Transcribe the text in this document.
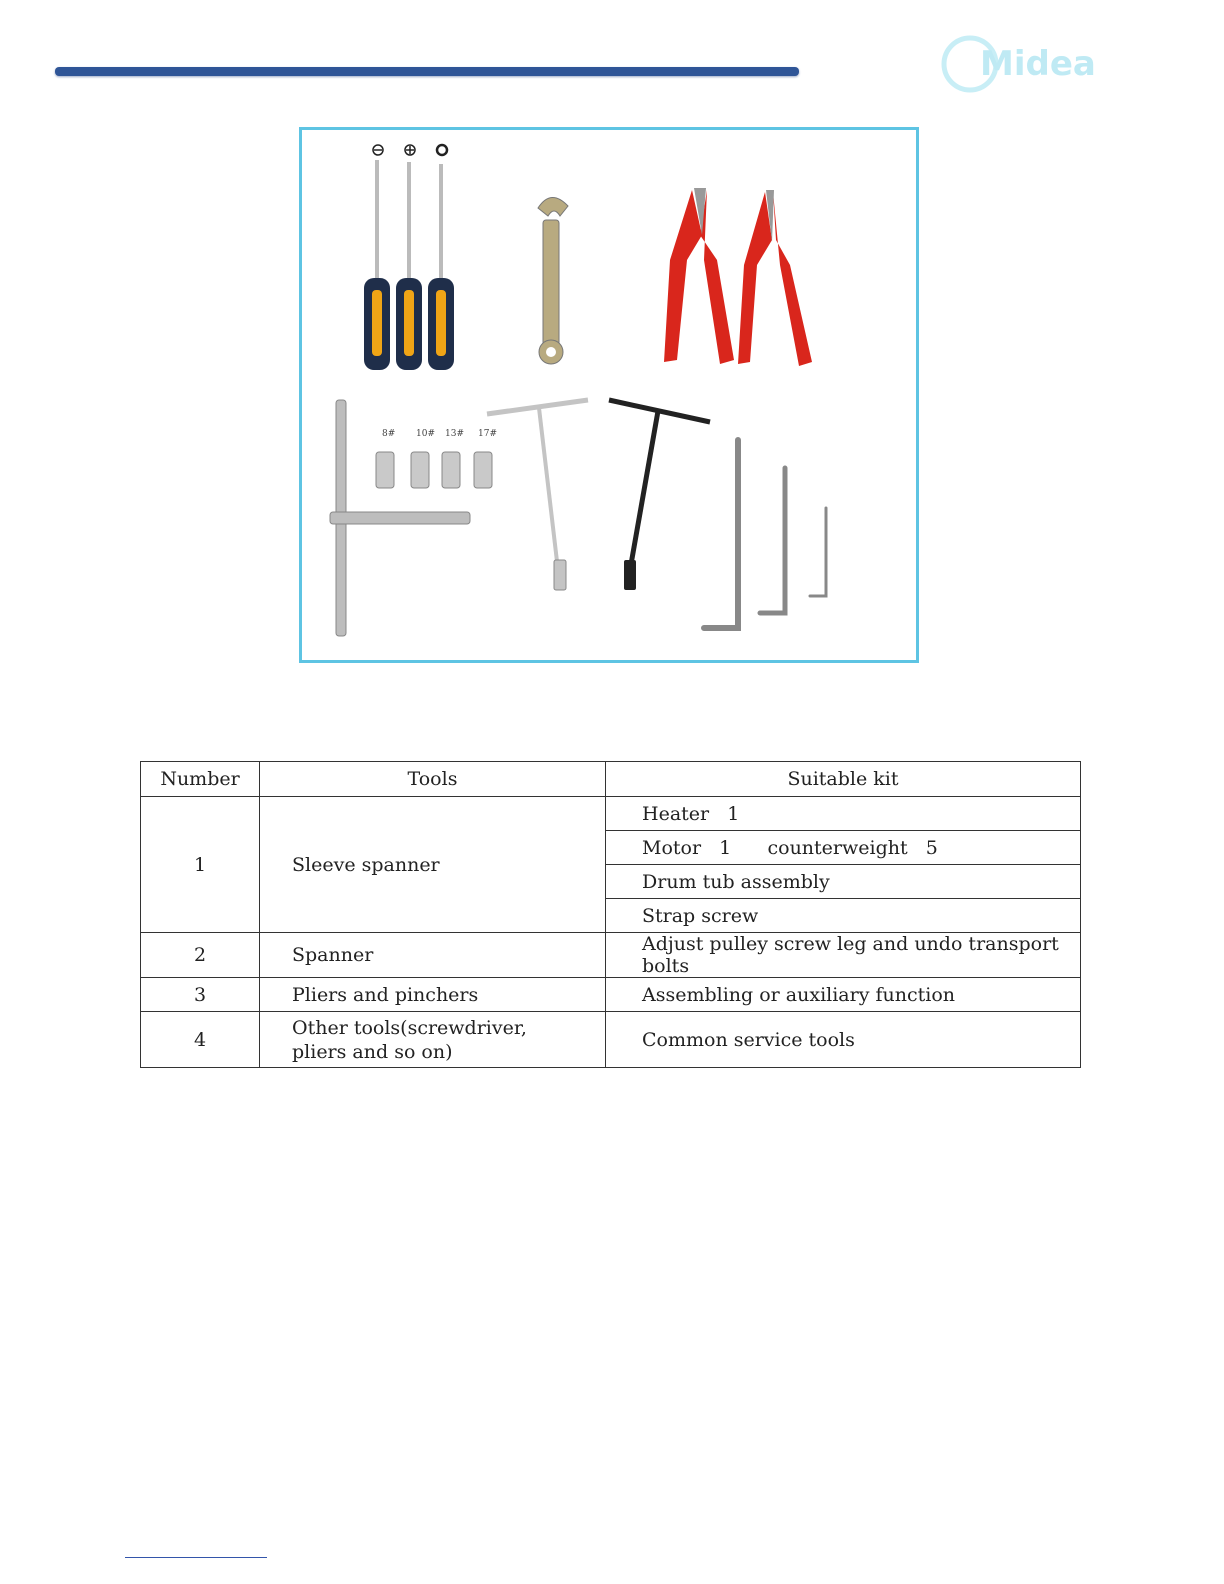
Midea
8# 10# 13# 17#
Number	Tools	Suitable kit
1	Sleeve spanner	Heater   1
		Motor   1      counterweight   5
		Drum tub assembly
		Strap screw
2	Spanner	Adjust pulley screw leg and undo transport bolts
3	Pliers and pinchers	Assembling or auxiliary function
4	Other tools(screwdriver, pliers and so on)	Common service tools
